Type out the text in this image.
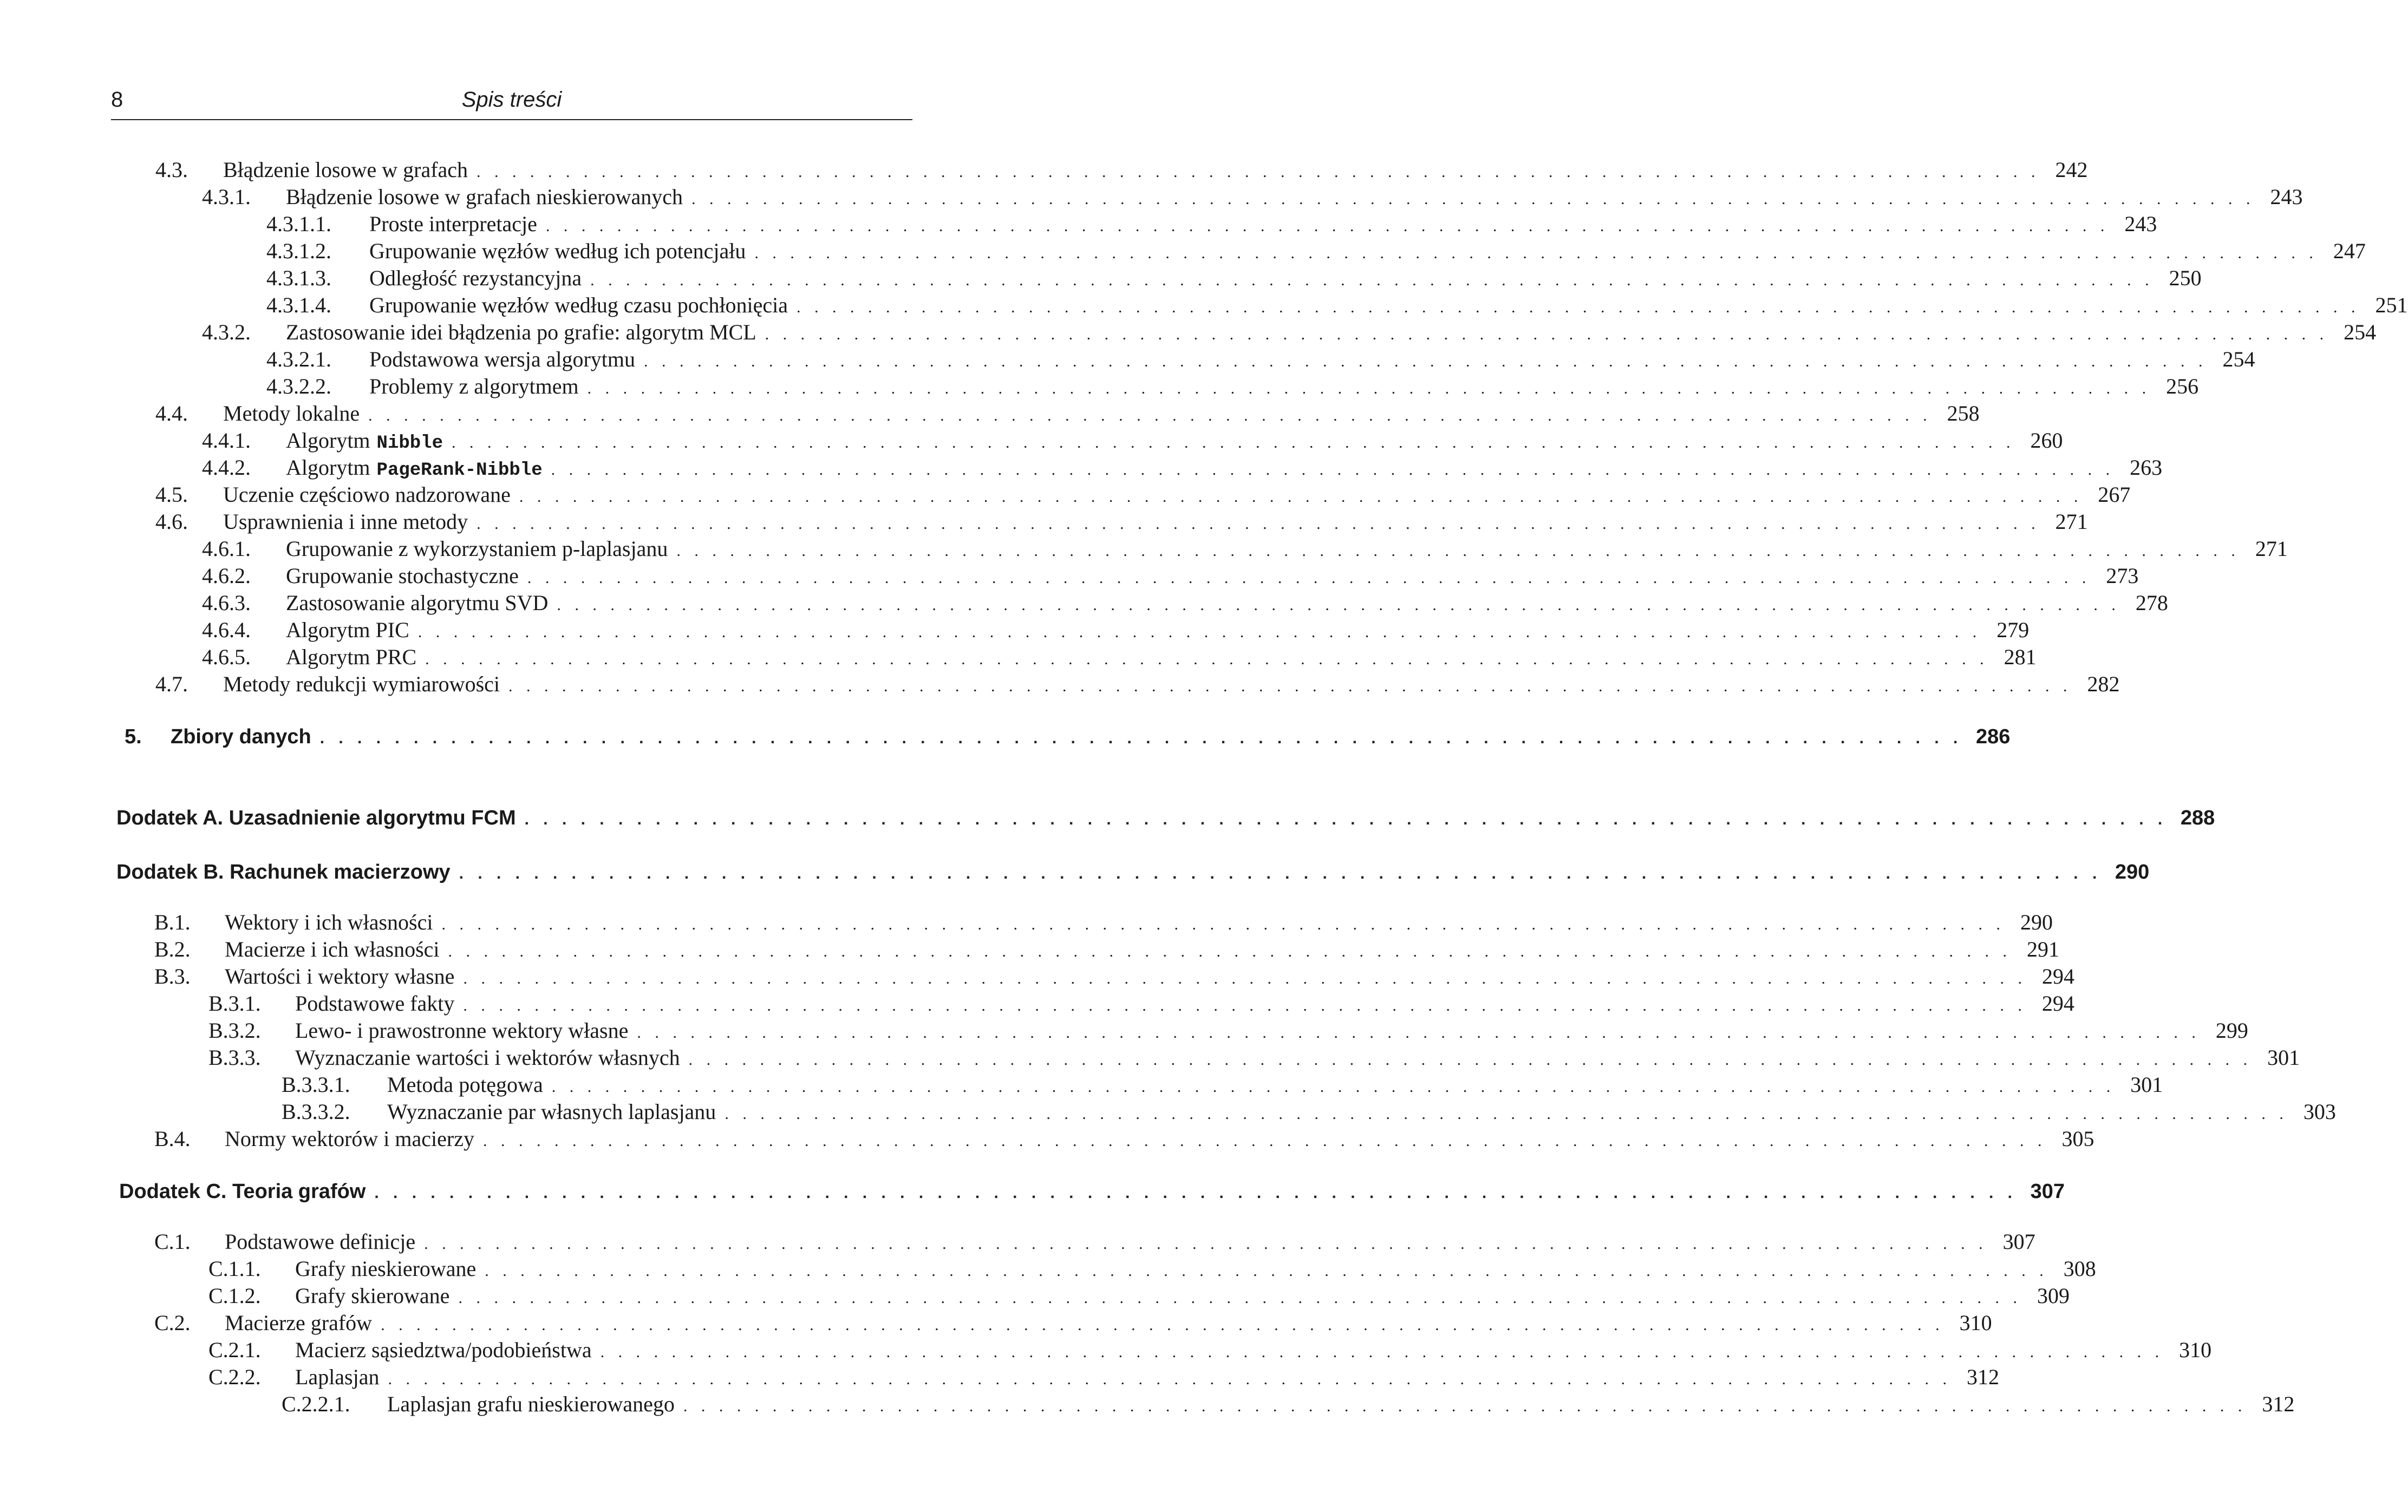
8	Spis treści
4.3.	Błądzenie losowe w grafach . . . . . . . . . . . . . . . . . . . . . . . . . . . . . . . . . . . . . . . . . . . . . . . . . . . . . . . . . . . . . . . . . . . . . . . . . . . . . . . . . . . . . . . . 242
4.3.1.	Błądzenie losowe w grafach nieskierowanych . . . . . . . . . . . . . . . . . . . . . . . . . . . . . . . . . . . . . . . . . . . . . . . . . . . . . . . . . . . . . . . . . . . . . . . . . . . . . . . . . . . . . . . . 243
4.3.1.1.	Proste interpretacje . . . . . . . . . . . . . . . . . . . . . . . . . . . . . . . . . . . . . . . . . . . . . . . . . . . . . . . . . . . . . . . . . . . . . . . . . . . . . . . . . . . . . . . . 243
4.3.1.2.	Grupowanie węzłów według ich potencjału . . . . . . . . . . . . . . . . . . . . . . . . . . . . . . . . . . . . . . . . . . . . . . . . . . . . . . . . . . . . . . . . . . . . . . . . . . . . . . . . . . . . . . . . 247
4.3.1.3.	Odległość rezystancyjna . . . . . . . . . . . . . . . . . . . . . . . . . . . . . . . . . . . . . . . . . . . . . . . . . . . . . . . . . . . . . . . . . . . . . . . . . . . . . . . . . . . . . . . . 250
4.3.1.4.	Grupowanie węzłów według czasu pochłonięcia . . . . . . . . . . . . . . . . . . . . . . . . . . . . . . . . . . . . . . . . . . . . . . . . . . . . . . . . . . . . . . . . . . . . . . . . . . . . . . . . . . . . . . . . 251
4.3.2.	Zastosowanie idei błądzenia po grafie: algorytm MCL . . . . . . . . . . . . . . . . . . . . . . . . . . . . . . . . . . . . . . . . . . . . . . . . . . . . . . . . . . . . . . . . . . . . . . . . . . . . . . . . . . . . . . . . 254
4.3.2.1.	Podstawowa wersja algorytmu . . . . . . . . . . . . . . . . . . . . . . . . . . . . . . . . . . . . . . . . . . . . . . . . . . . . . . . . . . . . . . . . . . . . . . . . . . . . . . . . . . . . . . . . 254
4.3.2.2.	Problemy z algorytmem . . . . . . . . . . . . . . . . . . . . . . . . . . . . . . . . . . . . . . . . . . . . . . . . . . . . . . . . . . . . . . . . . . . . . . . . . . . . . . . . . . . . . . . . 256
4.4.	Metody lokalne . . . . . . . . . . . . . . . . . . . . . . . . . . . . . . . . . . . . . . . . . . . . . . . . . . . . . . . . . . . . . . . . . . . . . . . . . . . . . . . . . . . . . . . . 258
4.4.1.	Algorytm Nibble . . . . . . . . . . . . . . . . . . . . . . . . . . . . . . . . . . . . . . . . . . . . . . . . . . . . . . . . . . . . . . . . . . . . . . . . . . . . . . . . . . . . . . . . 260
4.4.2.	Algorytm PageRank-Nibble . . . . . . . . . . . . . . . . . . . . . . . . . . . . . . . . . . . . . . . . . . . . . . . . . . . . . . . . . . . . . . . . . . . . . . . . . . . . . . . . . . . . . . . . 263
4.5.	Uczenie częściowo nadzorowane . . . . . . . . . . . . . . . . . . . . . . . . . . . . . . . . . . . . . . . . . . . . . . . . . . . . . . . . . . . . . . . . . . . . . . . . . . . . . . . . . . . . . . . . 267
4.6.	Usprawnienia i inne metody . . . . . . . . . . . . . . . . . . . . . . . . . . . . . . . . . . . . . . . . . . . . . . . . . . . . . . . . . . . . . . . . . . . . . . . . . . . . . . . . . . . . . . . . 271
4.6.1.	Grupowanie z wykorzystaniem p-laplasjanu . . . . . . . . . . . . . . . . . . . . . . . . . . . . . . . . . . . . . . . . . . . . . . . . . . . . . . . . . . . . . . . . . . . . . . . . . . . . . . . . . . . . . . . . 271
4.6.2.	Grupowanie stochastyczne . . . . . . . . . . . . . . . . . . . . . . . . . . . . . . . . . . . . . . . . . . . . . . . . . . . . . . . . . . . . . . . . . . . . . . . . . . . . . . . . . . . . . . . . 273
4.6.3.	Zastosowanie algorytmu SVD . . . . . . . . . . . . . . . . . . . . . . . . . . . . . . . . . . . . . . . . . . . . . . . . . . . . . . . . . . . . . . . . . . . . . . . . . . . . . . . . . . . . . . . . 278
4.6.4.	Algorytm PIC . . . . . . . . . . . . . . . . . . . . . . . . . . . . . . . . . . . . . . . . . . . . . . . . . . . . . . . . . . . . . . . . . . . . . . . . . . . . . . . . . . . . . . . . 279
4.6.5.	Algorytm PRC . . . . . . . . . . . . . . . . . . . . . . . . . . . . . . . . . . . . . . . . . . . . . . . . . . . . . . . . . . . . . . . . . . . . . . . . . . . . . . . . . . . . . . . . 281
4.7.	Metody redukcji wymiarowości . . . . . . . . . . . . . . . . . . . . . . . . . . . . . . . . . . . . . . . . . . . . . . . . . . . . . . . . . . . . . . . . . . . . . . . . . . . . . . . . . . . . . . . . 282
5.	Zbiory danych . . . . . . . . . . . . . . . . . . . . . . . . . . . . . . . . . . . . . . . . . . . . . . . . . . . . . . . . . . . . . . . . . . . . . . . . . . . . . . . . . . . . . . . . 286
Dodatek A. Uzasadnienie algorytmu FCM . . . . . . . . . . . . . . . . . . . . . . . . . . . . . . . . . . . . . . . . . . . . . . . . . . . . . . . . . . . . . . . . . . . . . . . . . . . . . . . . . . . . . . . . 288
Dodatek B. Rachunek macierzowy . . . . . . . . . . . . . . . . . . . . . . . . . . . . . . . . . . . . . . . . . . . . . . . . . . . . . . . . . . . . . . . . . . . . . . . . . . . . . . . . . . . . . . . . 290
B.1.	Wektory i ich własności . . . . . . . . . . . . . . . . . . . . . . . . . . . . . . . . . . . . . . . . . . . . . . . . . . . . . . . . . . . . . . . . . . . . . . . . . . . . . . . . . . . . . . . . 290
B.2.	Macierze i ich własności . . . . . . . . . . . . . . . . . . . . . . . . . . . . . . . . . . . . . . . . . . . . . . . . . . . . . . . . . . . . . . . . . . . . . . . . . . . . . . . . . . . . . . . . 291
B.3.	Wartości i wektory własne . . . . . . . . . . . . . . . . . . . . . . . . . . . . . . . . . . . . . . . . . . . . . . . . . . . . . . . . . . . . . . . . . . . . . . . . . . . . . . . . . . . . . . . . 294
B.3.1.	Podstawowe fakty . . . . . . . . . . . . . . . . . . . . . . . . . . . . . . . . . . . . . . . . . . . . . . . . . . . . . . . . . . . . . . . . . . . . . . . . . . . . . . . . . . . . . . . . 294
B.3.2.	Lewo- i prawostronne wektory własne . . . . . . . . . . . . . . . . . . . . . . . . . . . . . . . . . . . . . . . . . . . . . . . . . . . . . . . . . . . . . . . . . . . . . . . . . . . . . . . . . . . . . . . . 299
B.3.3.	Wyznaczanie wartości i wektorów własnych . . . . . . . . . . . . . . . . . . . . . . . . . . . . . . . . . . . . . . . . . . . . . . . . . . . . . . . . . . . . . . . . . . . . . . . . . . . . . . . . . . . . . . . . 301
B.3.3.1.	Metoda potęgowa . . . . . . . . . . . . . . . . . . . . . . . . . . . . . . . . . . . . . . . . . . . . . . . . . . . . . . . . . . . . . . . . . . . . . . . . . . . . . . . . . . . . . . . . 301
B.3.3.2.	Wyznaczanie par własnych laplasjanu . . . . . . . . . . . . . . . . . . . . . . . . . . . . . . . . . . . . . . . . . . . . . . . . . . . . . . . . . . . . . . . . . . . . . . . . . . . . . . . . . . . . . . . . 303
B.4.	Normy wektorów i macierzy . . . . . . . . . . . . . . . . . . . . . . . . . . . . . . . . . . . . . . . . . . . . . . . . . . . . . . . . . . . . . . . . . . . . . . . . . . . . . . . . . . . . . . . . 305
Dodatek C. Teoria grafów . . . . . . . . . . . . . . . . . . . . . . . . . . . . . . . . . . . . . . . . . . . . . . . . . . . . . . . . . . . . . . . . . . . . . . . . . . . . . . . . . . . . . . . . 307
C.1.	Podstawowe definicje . . . . . . . . . . . . . . . . . . . . . . . . . . . . . . . . . . . . . . . . . . . . . . . . . . . . . . . . . . . . . . . . . . . . . . . . . . . . . . . . . . . . . . . . 307
C.1.1.	Grafy nieskierowane . . . . . . . . . . . . . . . . . . . . . . . . . . . . . . . . . . . . . . . . . . . . . . . . . . . . . . . . . . . . . . . . . . . . . . . . . . . . . . . . . . . . . . . . 308
C.1.2.	Grafy skierowane . . . . . . . . . . . . . . . . . . . . . . . . . . . . . . . . . . . . . . . . . . . . . . . . . . . . . . . . . . . . . . . . . . . . . . . . . . . . . . . . . . . . . . . . 309
C.2.	Macierze grafów . . . . . . . . . . . . . . . . . . . . . . . . . . . . . . . . . . . . . . . . . . . . . . . . . . . . . . . . . . . . . . . . . . . . . . . . . . . . . . . . . . . . . . . . 310
C.2.1.	Macierz sąsiedztwa/podobieństwa . . . . . . . . . . . . . . . . . . . . . . . . . . . . . . . . . . . . . . . . . . . . . . . . . . . . . . . . . . . . . . . . . . . . . . . . . . . . . . . . . . . . . . . . 310
C.2.2.	Laplasjan . . . . . . . . . . . . . . . . . . . . . . . . . . . . . . . . . . . . . . . . . . . . . . . . . . . . . . . . . . . . . . . . . . . . . . . . . . . . . . . . . . . . . . . . 312
C.2.2.1.	Laplasjan grafu nieskierowanego . . . . . . . . . . . . . . . . . . . . . . . . . . . . . . . . . . . . . . . . . . . . . . . . . . . . . . . . . . . . . . . . . . . . . . . . . . . . . . . . . . . . . . . . 312
